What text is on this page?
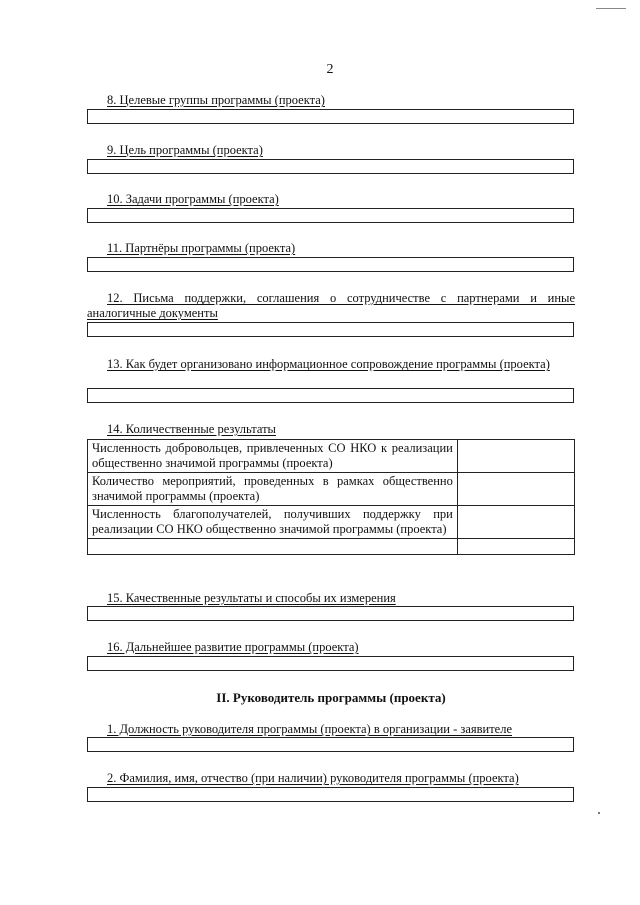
2
8. Целевые группы программы (проекта)
9. Цель программы (проекта)
10. Задачи программы (проекта)
11. Партнёры программы (проекта)
12. Письма поддержки, соглашения о сотрудничестве с партнерами и иные аналогичные документы
13. Как будет организовано информационное сопровождение программы (проекта)
14. Количественные результаты
Численность добровольцев, привлеченных СО НКО к реализации общественно значимой программы (проекта)	
Количество мероприятий, проведенных в рамках общественно значимой программы (проекта)	
Численность благополучателей, получивших поддержку при реализации СО НКО общественно значимой программы (проекта)	

15. Качественные результаты и способы их измерения
16. Дальнейшее развитие программы (проекта)
II. Руководитель программы (проекта)
1. Должность руководителя программы (проекта) в организации - заявителе
2. Фамилия, имя, отчество (при наличии) руководителя программы (проекта)
